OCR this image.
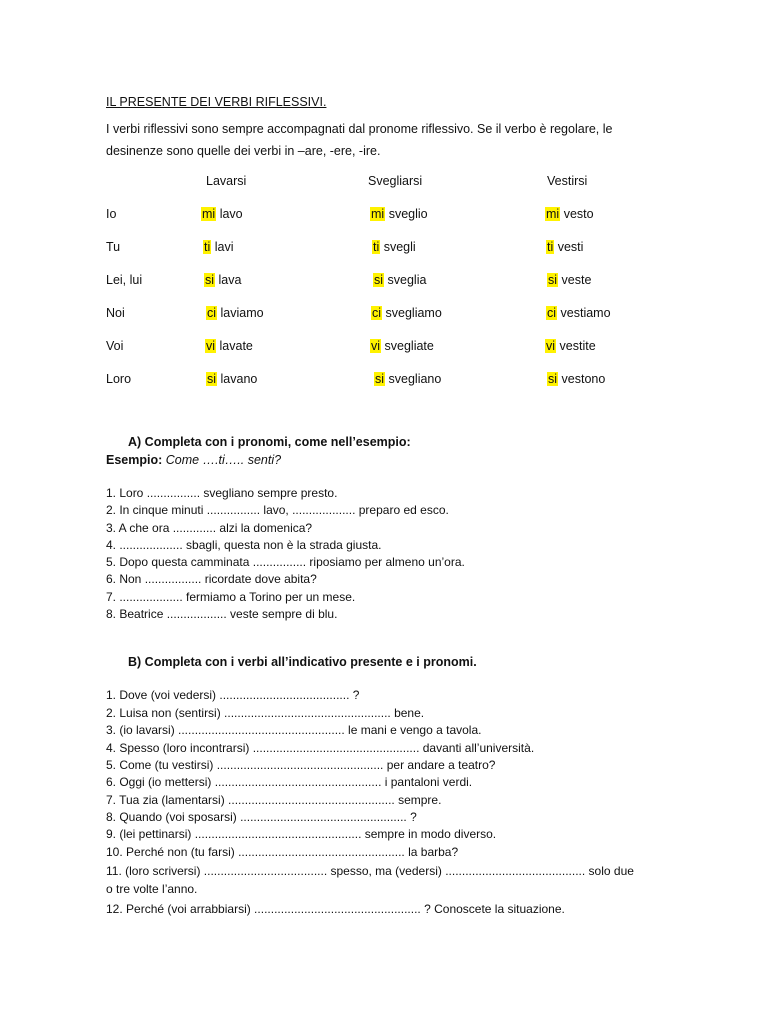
IL PRESENTE DEI VERBI RIFLESSIVI.
I verbi riflessivi sono sempre accompagnati dal pronome riflessivo. Se il verbo è regolare, le
desinenze sono quelle dei verbi in –are, -ere, -ire.
Lavarsi	Svegliarsi	Vestirsi
Io	mi lavo	mi sveglio	mi vesto
Tu	ti lavi	ti svegli	ti vesti
Lei, lui	si lava	si sveglia	si veste
Noi	ci laviamo	ci svegliamo	ci vestiamo
Voi	vi lavate	vi svegliate	vi vestite
Loro	si lavano	si svegliano	si vestono
A) Completa con i pronomi, come nell’esempio:
Esempio: Come ….ti….. senti?
1. Loro ................ svegliano sempre presto.
2. In cinque minuti ................ lavo, ................... preparo ed esco.
3. A che ora ............. alzi la domenica?
4. ................... sbagli, questa non è la strada giusta.
5. Dopo questa camminata ................ riposiamo per almeno un’ora.
6. Non ................. ricordate dove abita?
7. ................... fermiamo a Torino per un mese.
8. Beatrice .................. veste sempre di blu.
B) Completa con i verbi all’indicativo presente e i pronomi.
1. Dove (voi vedersi) ....................................... ?
2. Luisa non (sentirsi) .................................................. bene.
3. (io lavarsi) .................................................. le mani e vengo a tavola.
4. Spesso (loro incontrarsi) .................................................. davanti all’università.
5. Come (tu vestirsi) .................................................. per andare a teatro?
6. Oggi (io mettersi) .................................................. i pantaloni verdi.
7. Tua zia (lamentarsi) .................................................. sempre.
8. Quando (voi sposarsi) .................................................. ?
9. (lei pettinarsi) .................................................. sempre in modo diverso.
10. Perché non (tu farsi) .................................................. la barba?
11. (loro scriversi) ..................................... spesso, ma (vedersi) .......................................... solo due
o tre volte l’anno.
12. Perché (voi arrabbiarsi) .................................................. ? Conoscete la situazione.
